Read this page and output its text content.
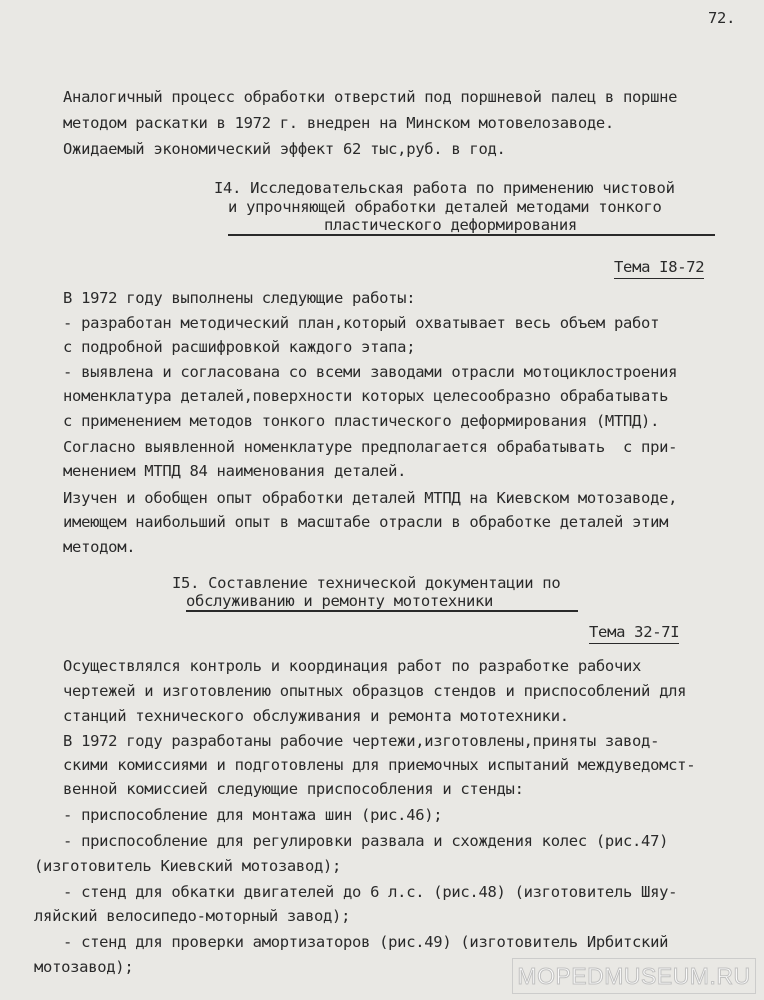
72.
Аналогичный процесс обработки отверстий под поршневой палец в поршне
методом раскатки в 1972 г. внедрен на Минском мотовелозаводе.
Ожидаемый экономический эффект 62 тыс,руб. в год.
I4. Исследовательская работа по применению чистовой
и упрочняющей обработки деталей методами тонкого
пластического деформирования
Тема I8-72
В 1972 году выполнены следующие работы:
- разработан методический план,который охватывает весь объем работ
с подробной расшифровкой каждого этапа;
- выявлена и согласована со всеми заводами отрасли мотоциклостроения
номенклатура деталей,поверхности которых целесообразно обрабатывать
с применением методов тонкого пластического деформирования (МТПД).
Согласно выявленной номенклатуре предполагается обрабатывать  с при-
менением МТПД 84 наименования деталей.
Изучен и обобщен опыт обработки деталей МТПД на Киевском мотозаводе,
имеющем наибольший опыт в масштабе отрасли в обработке деталей этим
методом.
I5. Составление технической документации по
обслуживанию и ремонту мототехники
Тема 32-7I
Осуществлялся контроль и координация работ по разработке рабочих
чертежей и изготовлению опытных образцов стендов и приспособлений для
станций технического обслуживания и ремонта мототехники.
В 1972 году разработаны рабочие чертежи,изготовлены,приняты завод-
скими комиссиями и подготовлены для приемочных испытаний междуведомст-
венной комиссией следующие приспособления и стенды:
- приспособление для монтажа шин (рис.46);
- приспособление для регулировки развала и схождения колес (рис.47)
(изготовитель Киевский мотозавод);
- стенд для обкатки двигателей до 6 л.с. (рис.48) (изготовитель Шяу-
ляйский велосипедо-моторный завод);
- стенд для проверки амортизаторов (рис.49) (изготовитель Ирбитский
мотозавод);	MOPEDMUSEUM.RU
